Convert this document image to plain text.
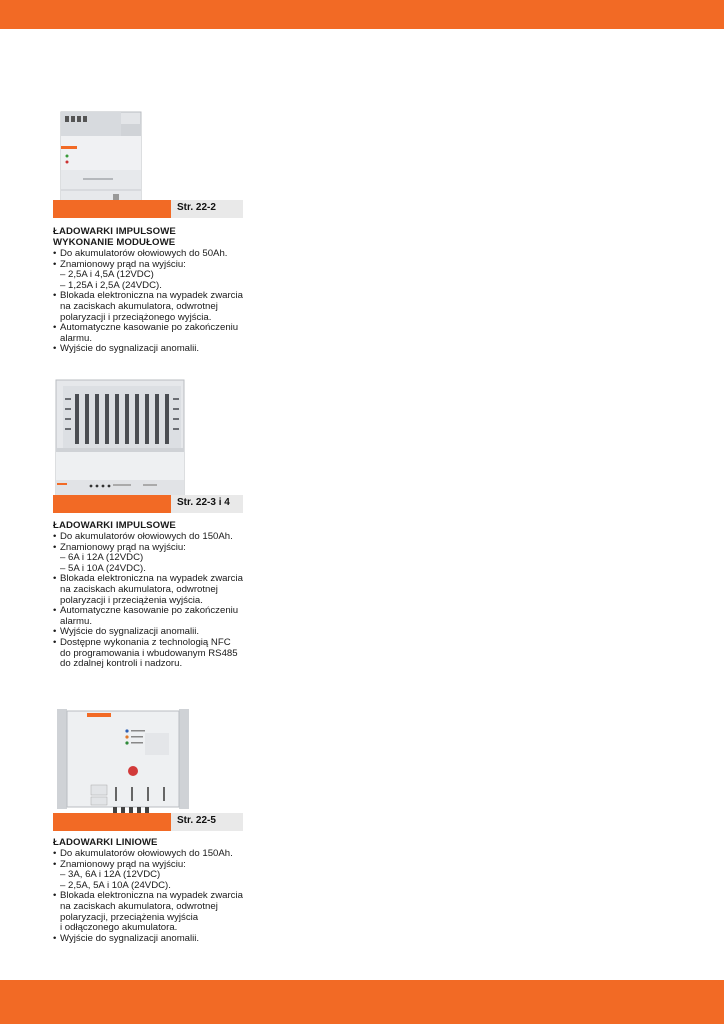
Str. 22-2
ŁADOWARKI IMPULSOWE
WYKONANIE MODUŁOWE
• Do akumulatorów ołowiowych do 50Ah.
• Znamionowy prąd na wyjściu:
– 2,5A i 4,5A (12VDC)
– 1,25A i 2,5A (24VDC).
• Blokada elektroniczna na wypadek zwarcia
na zaciskach akumulatora, odwrotnej
polaryzacji i przeciążonego wyjścia.
• Automatyczne kasowanie po zakończeniu
alarmu.
• Wyjście do sygnalizacji anomalii.
Str. 22-3 i 4
ŁADOWARKI IMPULSOWE
• Do akumulatorów ołowiowych do 150Ah.
• Znamionowy prąd na wyjściu:
– 6A i 12A (12VDC)
– 5A i 10A (24VDC).
• Blokada elektroniczna na wypadek zwarcia
na zaciskach akumulatora, odwrotnej
polaryzacji i przeciążenia wyjścia.
• Automatyczne kasowanie po zakończeniu
alarmu.
• Wyjście do sygnalizacji anomalii.
• Dostępne wykonania z technologią NFC
do programowania i wbudowanym RS485
do zdalnej kontroli i nadzoru.
Str. 22-5
ŁADOWARKI LINIOWE
• Do akumulatorów ołowiowych do 150Ah.
• Znamionowy prąd na wyjściu:
– 3A, 6A i 12A (12VDC)
– 2,5A, 5A i 10A (24VDC).
• Blokada elektroniczna na wypadek zwarcia
na zaciskach akumulatora, odwrotnej
polaryzacji, przeciążenia wyjścia
i odłączonego akumulatora.
• Wyjście do sygnalizacji anomalii.
